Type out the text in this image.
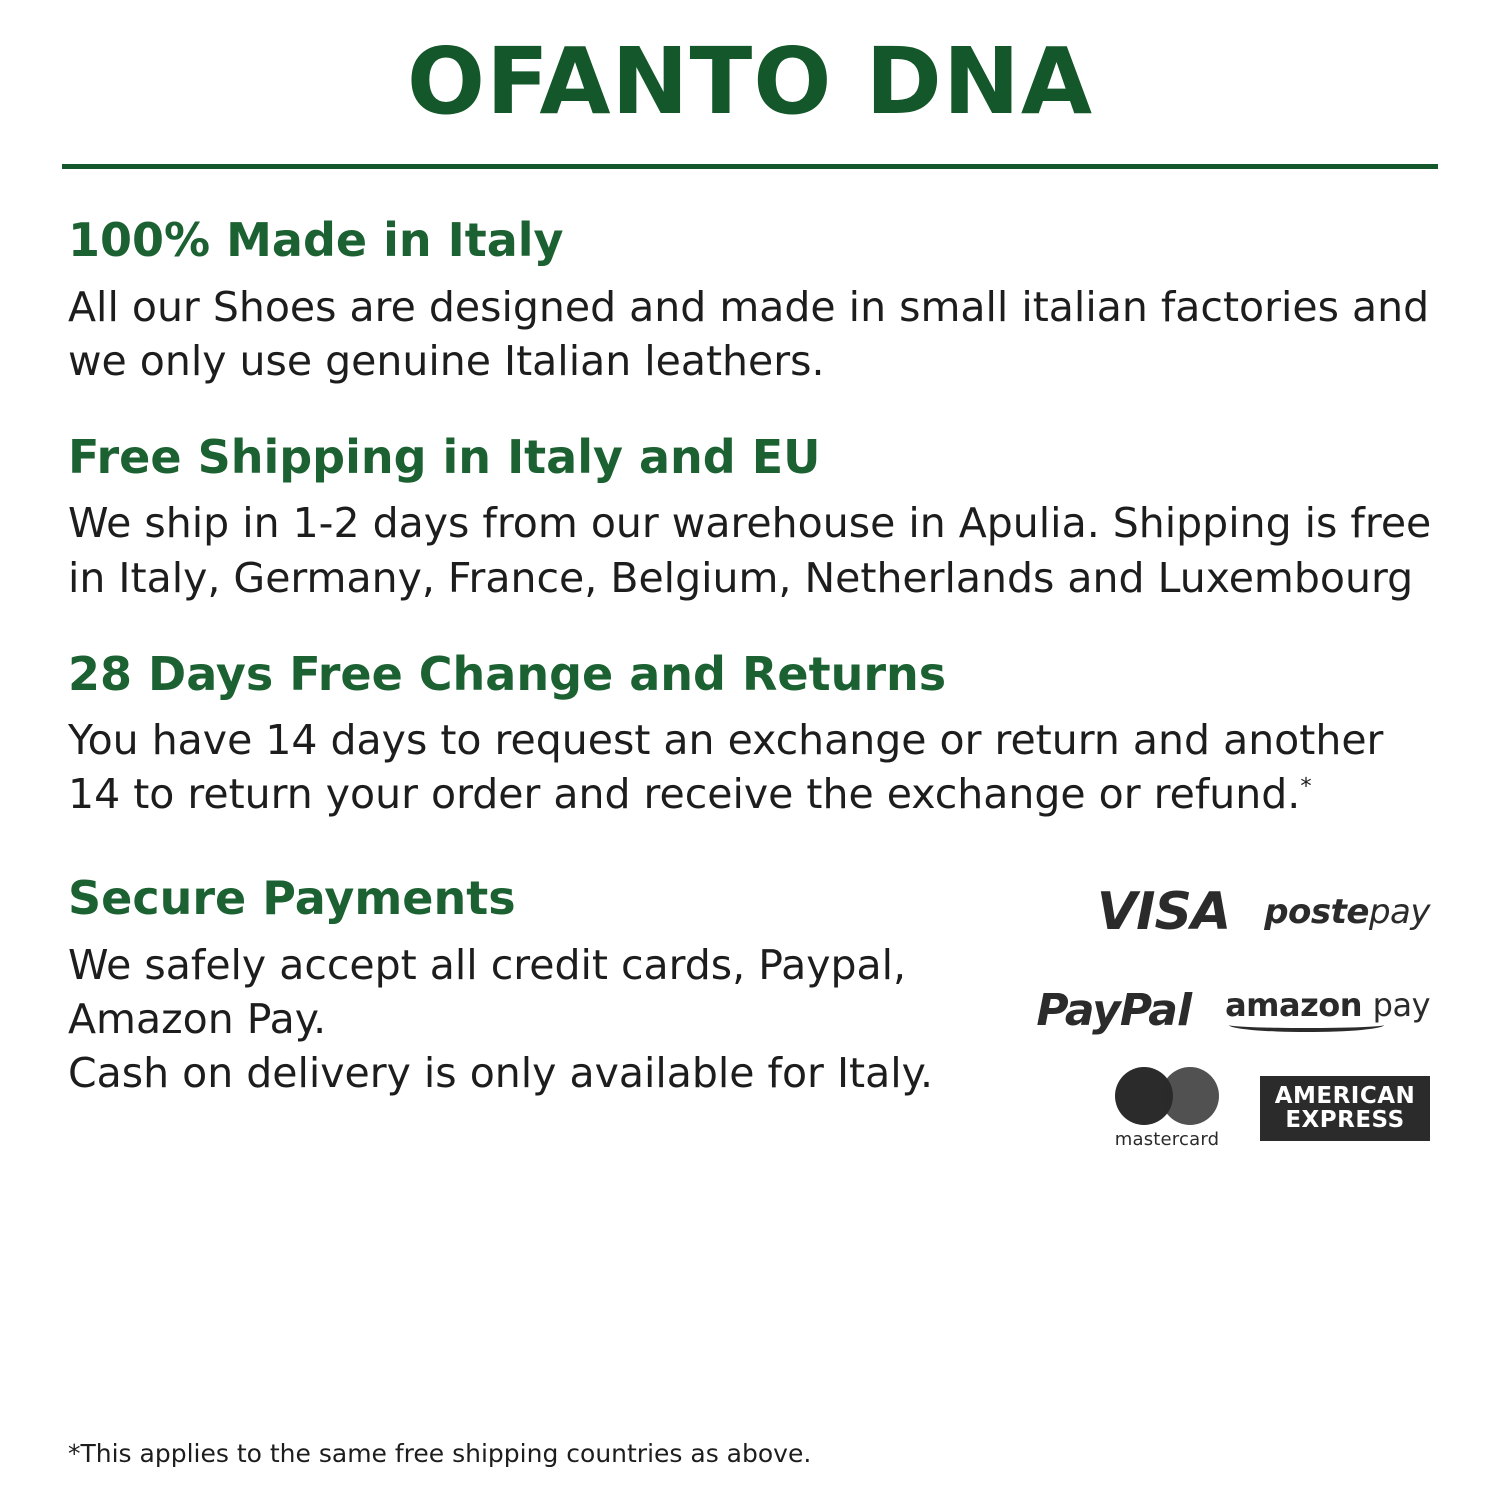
OFANTO DNA
100% Made in Italy

All our Shoes are designed and made in small italian factories and we only use genuine Italian leathers.

Free Shipping in Italy and EU

We ship in 1-2 days from our warehouse in Apulia. Shipping is free in Italy, Germany, France, Belgium, Netherlands and Luxembourg

28 Days Free Change and Returns

You have 14 days to request an exchange or return and another 14 to return your order and receive the exchange or refund.*

Secure Payments

We safely accept all credit cards, Paypal, Amazon Pay.

Cash on delivery is only available for Italy.

VISA postepay
PayPal amazon pay
mastercard
AMERICAN
EXPRESS
*This applies to the same free shipping countries as above.
